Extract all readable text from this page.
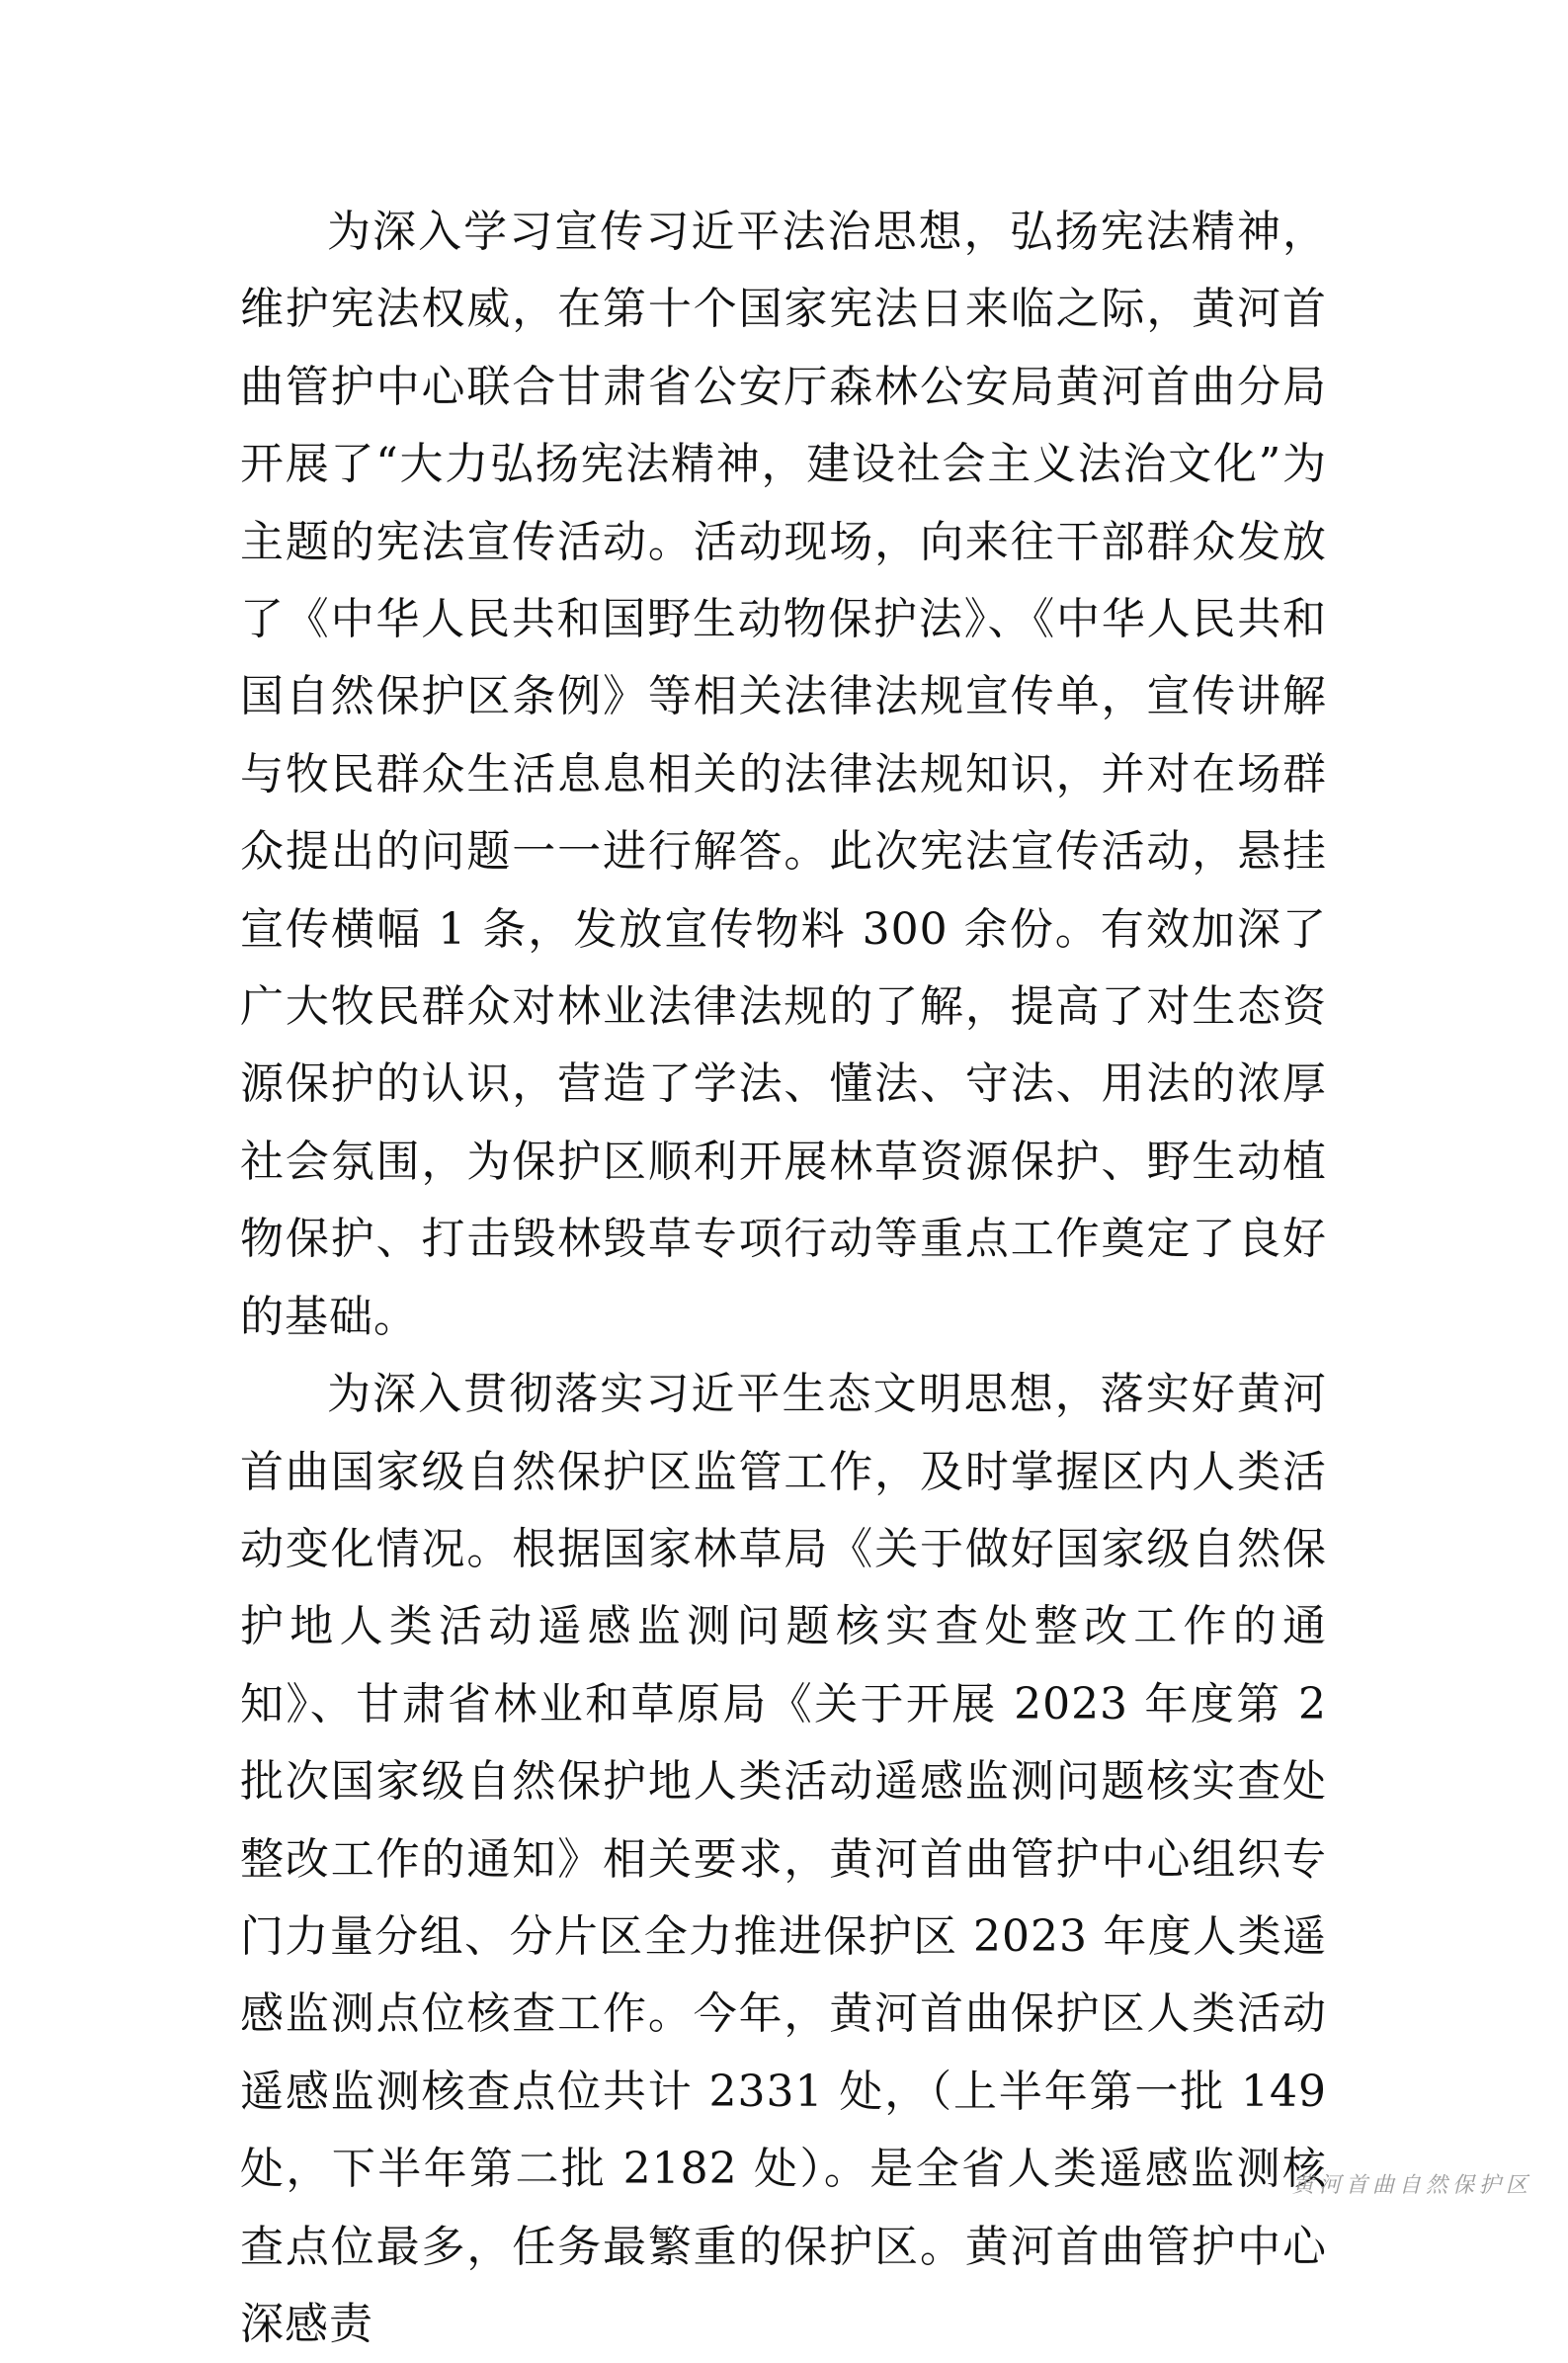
为深入学习宣传习近平法治思想，弘扬宪法精神，维护宪法权威，在第十个国家宪法日来临之际，黄河首曲管护中心联合甘肃省公安厅森林公安局黄河首曲分局开展了“大力弘扬宪法精神，建设社会主义法治文化”为主题的宪法宣传活动。活动现场，向来往干部群众发放了《中华人民共和国野生动物保护法》、《中华人民共和国自然保护区条例》等相关法律法规宣传单，宣传讲解与牧民群众生活息息相关的法律法规知识，并对在场群众提出的问题一一进行解答。此次宪法宣传活动，悬挂宣传横幅 1 条，发放宣传物料 300 余份。有效加深了广大牧民群众对林业法律法规的了解，提高了对生态资源保护的认识，营造了学法、懂法、守法、用法的浓厚社会氛围，为保护区顺利开展林草资源保护、野生动植物保护、打击毁林毁草专项行动等重点工作奠定了良好的基础。

为深入贯彻落实习近平生态文明思想，落实好黄河首曲国家级自然保护区监管工作，及时掌握区内人类活动变化情况。根据国家林草局《关于做好国家级自然保护地人类活动遥感监测问题核实查处整改工作的通知》、甘肃省林业和草原局《关于开展 2023 年度第 2 批次国家级自然保护地人类活动遥感监测问题核实查处整改工作的通知》相关要求，黄河首曲管护中心组织专门力量分组、分片区全力推进保护区 2023 年度人类遥感监测点位核查工作。今年，黄河首曲保护区人类活动遥感监测核查点位共计 2331 处，（上半年第一批 149 处，下半年第二批 2182 处）。是全省人类遥感监测核查点位最多，任务最繁重的保护区。黄河首曲管护中心深感责

黄河首曲自然保护区
